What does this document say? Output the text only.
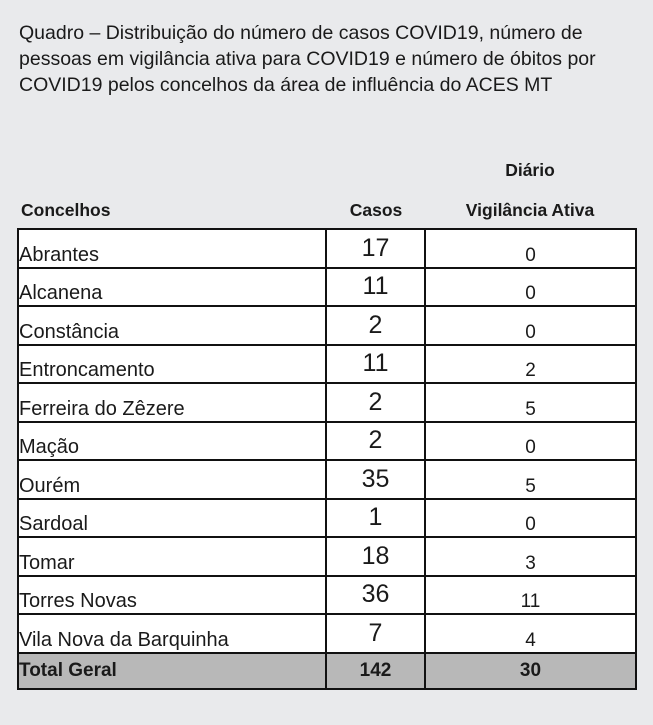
Quadro – Distribuição do número de casos COVID19, número de pessoas em vigilância ativa para COVID19 e número de óbitos por COVID19 pelos concelhos da área de influência do ACES MT
Diário
Concelhos	Casos	Vigilância Ativa
Abrantes	17	0
Alcanena	11	0
Constância	2	0
Entroncamento	11	2
Ferreira do Zêzere	2	5
Mação	2	0
Ourém	35	5
Sardoal	1	0
Tomar	18	3
Torres Novas	36	11
Vila Nova da Barquinha	7	4
Total Geral	142	30
